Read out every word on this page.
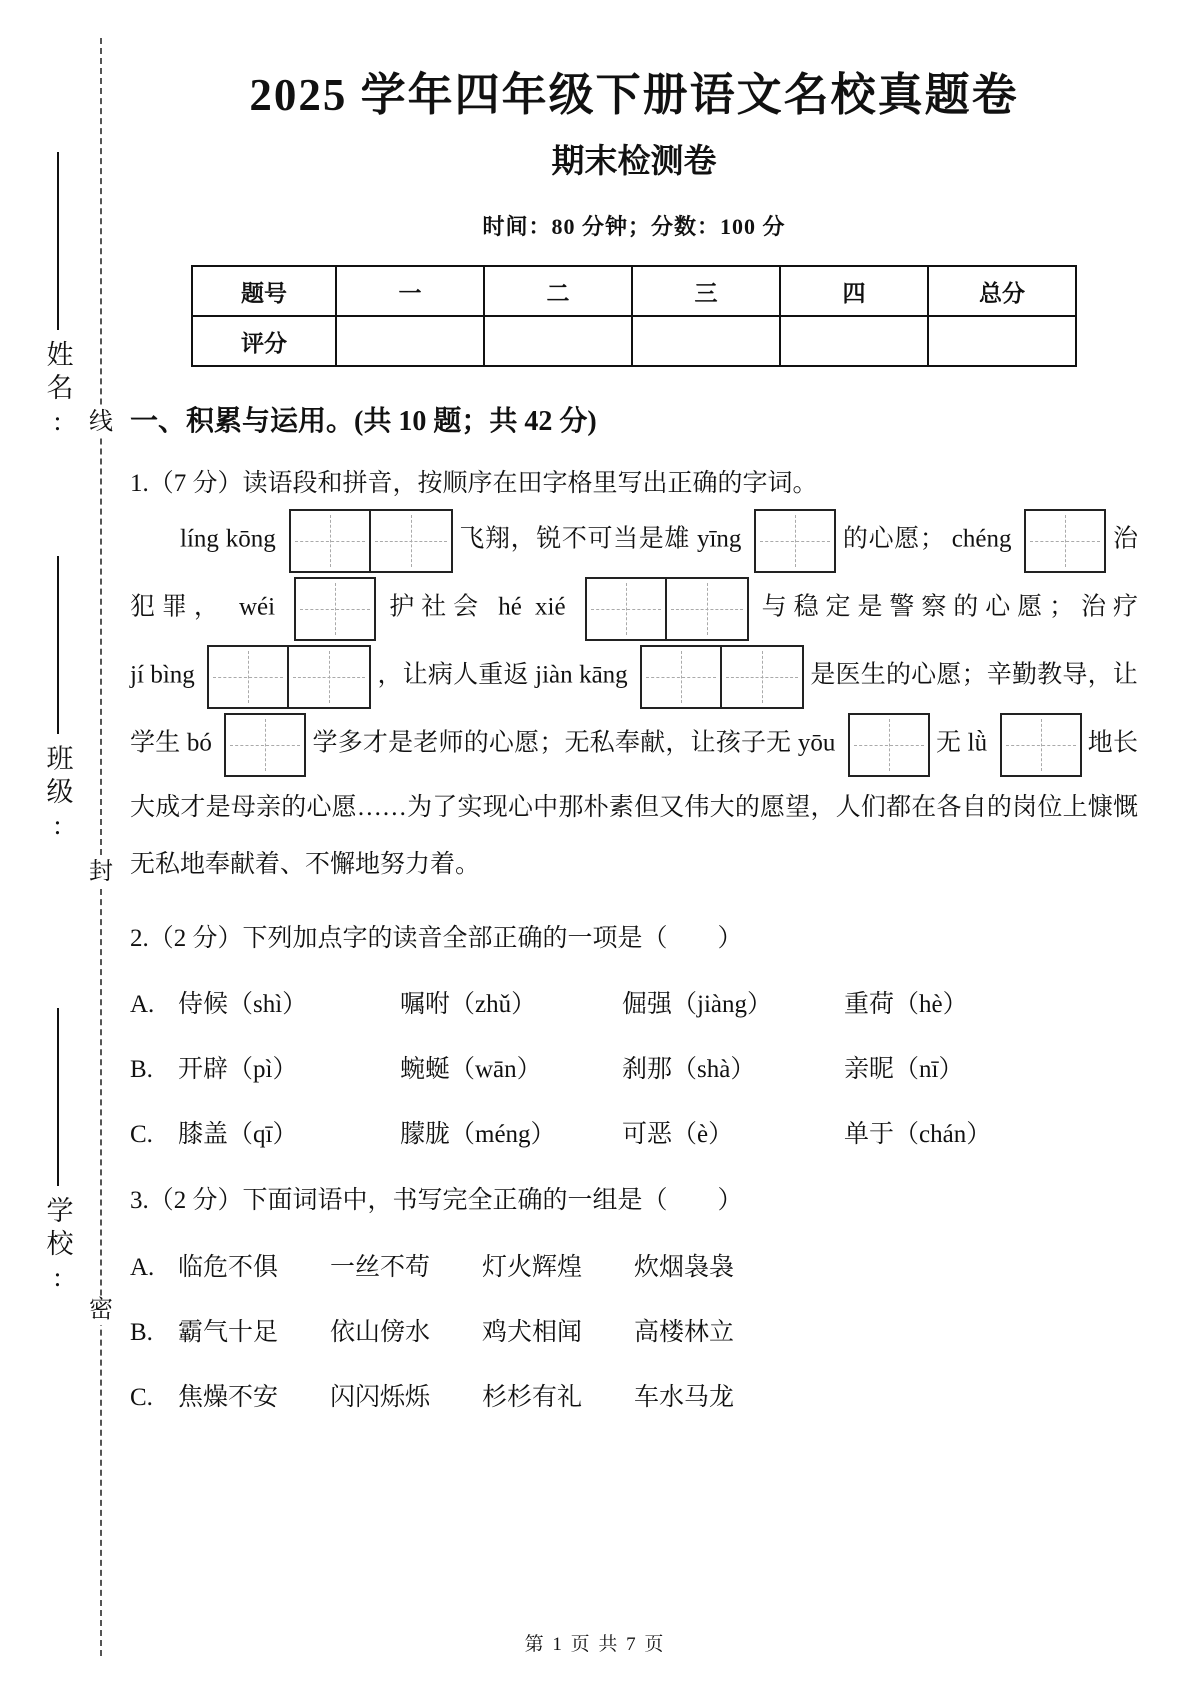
线
封
密
姓名:
班级:
学校:
2025 学年四年级下册语文名校真题卷
期末检测卷
时间：80 分钟；分数：100 分
题号	一	二	三	四	总分
评分					
一、积累与运用。(共 10 题；共 42 分)
1.（7 分）读语段和拼音，按顺序在田字格里写出正确的字词。
líng kōng	飞翔，锐不可当是雄 yīng	的心愿； chéng	治犯罪， wéi	护社会 hé xié	与稳定是警察的心愿；治疗 jí bìng	，让病人重返 jiàn kāng	是医生的心愿；辛勤教导，让学生 bó	学多才是老师的心愿；无私奉献，让孩子无 yōu	无 lǜ	地长大成才是母亲的心愿……为了实现心中那朴素但又伟大的愿望，人们都在各自的岗位上慷慨无私地奉献着、不懈地努力着。
2.（2 分）下列加点字的读音全部正确的一项是（　　）
A. 侍候（shì）	嘱咐（zhǔ）	倔强（jiàng）	重荷（hè）
B.	开辟（pì）	蜿蜒（wān）	刹那（shà）	亲昵（nī）
C.	膝盖（qī）	朦胧（méng）	可恶（è）	单于（chán）
3.（2 分）下面词语中，书写完全正确的一组是（　　）
A. 临危不俱	一丝不苟	灯火辉煌	炊烟袅袅
B.	霸气十足	依山傍水	鸡犬相闻	高楼林立
C.	焦燥不安	闪闪烁烁	杉杉有礼	车水马龙
第 1 页 共 7 页
